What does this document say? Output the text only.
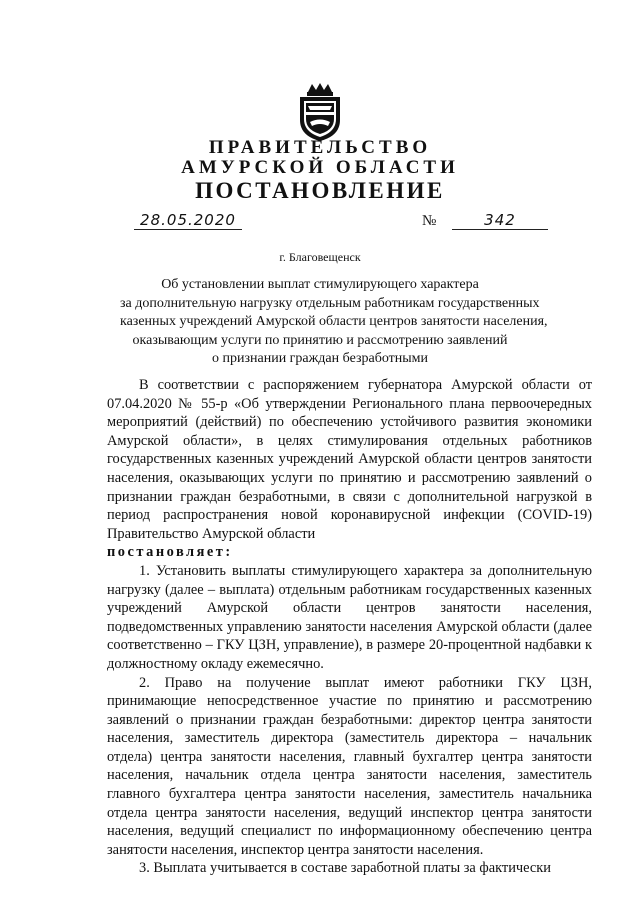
ПРАВИТЕЛЬСТВО
АМУРСКОЙ ОБЛАСТИ
ПОСТАНОВЛЕНИЕ
28.05.2020	№	342
г. Благовещенск
Об установлении выплат стимулирующего характера
за дополнительную нагрузку отдельным работникам государственных
казенных учреждений Амурской области центров занятости населения,
оказывающим услуги по принятию и рассмотрению заявлений
о признании граждан безработными

В соответствии с распоряжением губернатора Амурской области от 07.04.2020 № 55-р «Об утверждении Регионального плана первоочередных мероприятий (действий) по обеспечению устойчивого развития экономики Амурской области», в целях стимулирования отдельных работников государственных казенных учреждений Амурской области центров занятости населения, оказывающих услуги по принятию и рассмотрению заявлений о признании граждан безработными, в связи с дополнительной нагрузкой в период распространения новой коронавирусной инфекции (COVID-19) Правительство Амурской области

постановляет:

1. Установить выплаты стимулирующего характера за дополнительную нагрузку (далее – выплата) отдельным работникам государственных казенных учреждений Амурской области центров занятости населения, подведомственных управлению занятости населения Амурской области (далее соответственно – ГКУ ЦЗН, управление), в размере 20-процентной надбавки к должностному окладу ежемесячно.

2. Право на получение выплат имеют работники ГКУ ЦЗН, принимающие непосредственное участие по принятию и рассмотрению заявлений о признании граждан безработными: директор центра занятости населения, заместитель директора (заместитель директора – начальник отдела) центра занятости населения, главный бухгалтер центра занятости населения, начальник отдела центра занятости населения, заместитель главного бухгалтера центра занятости населения, заместитель начальника отдела центра занятости населения, ведущий инспектор центра занятости населения, ведущий специалист по информационному обеспечению центра занятости населения, инспектор центра занятости населения.

3. Выплата учитывается в составе заработной платы за фактически
